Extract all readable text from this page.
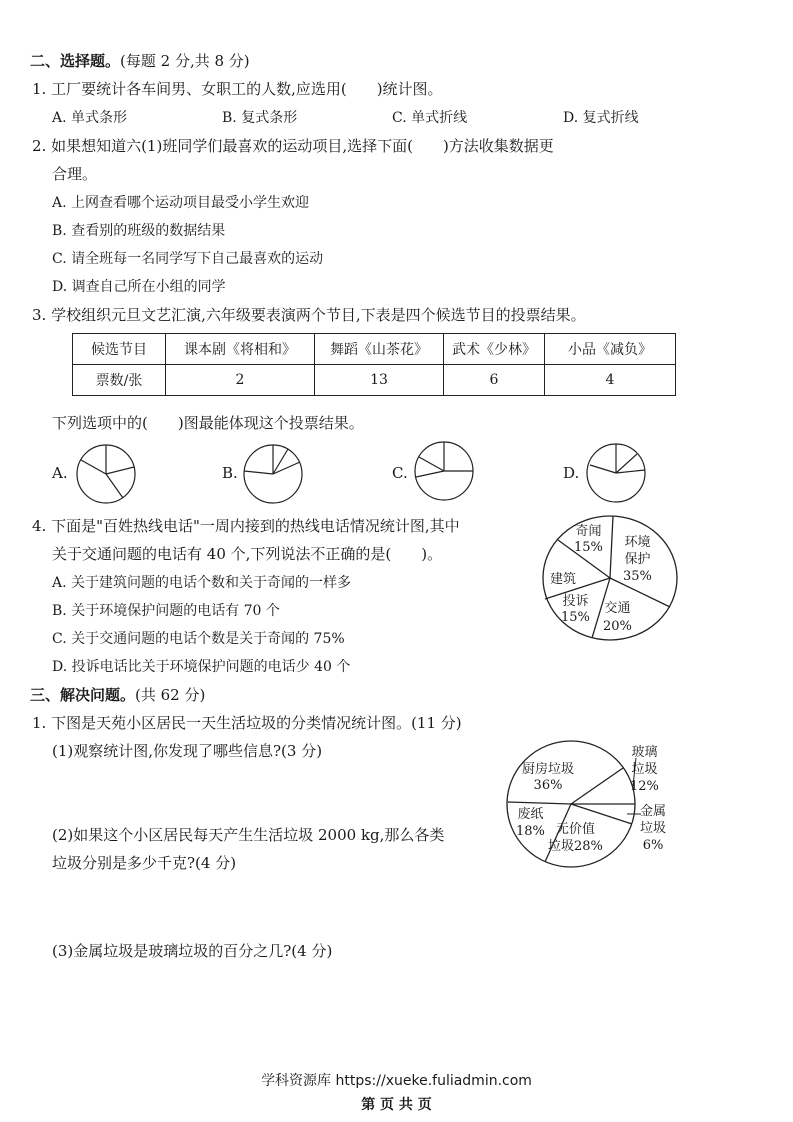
二、选择题。(每题 2 分,共 8 分)
1. 工厂要统计各车间男、女职工的人数,应选用(　　)统计图。
A. 单式条形	B. 复式条形	C. 单式折线	D. 复式折线
2. 如果想知道六(1)班同学们最喜欢的运动项目,选择下面(　　)方法收集数据更
合理。
A. 上网查看哪个运动项目最受小学生欢迎
B. 查看别的班级的数据结果
C. 请全班每一名同学写下自己最喜欢的运动
D. 调查自己所在小组的同学
3. 学校组织元旦文艺汇演,六年级要表演两个节目,下表是四个候选节目的投票结果。
候选节目	课本剧《将相和》	舞蹈《山茶花》	武术《少林》	小品《减负》
票数/张	2	13	6	4
下列选项中的(　　)图最能体现这个投票结果。
A.	B.	C.	D.
4. 下面是"百姓热线电话"一周内接到的热线电话情况统计图,其中
关于交通问题的电话有 40 个,下列说法不正确的是(　　)。
A. 关于建筑问题的电话个数和关于奇闻的一样多
B. 关于环境保护问题的电话有 70 个
C. 关于交通问题的电话个数是关于奇闻的 75%
D. 投诉电话比关于环境保护问题的电话少 40 个
奇闻
15% 环境
保护
35%
建筑
投诉
15%
交通
20%
三、解决问题。(共 62 分)
1. 下图是天苑小区居民一天生活垃圾的分类情况统计图。(11 分)
(1)观察统计图,你发现了哪些信息?(3 分)
(2)如果这个小区居民每天产生生活垃圾 2000 kg,那么各类
垃圾分别是多少千克?(4 分)
(3)金属垃圾是玻璃垃圾的百分之几?(4 分)
厨房垃圾
36%
玻璃
垃圾
12%
废纸
18% 无价值
垃圾28%
金属
垃圾
6%
学科资源库 https://xueke.fuliadmin.com
第 页 共 页
